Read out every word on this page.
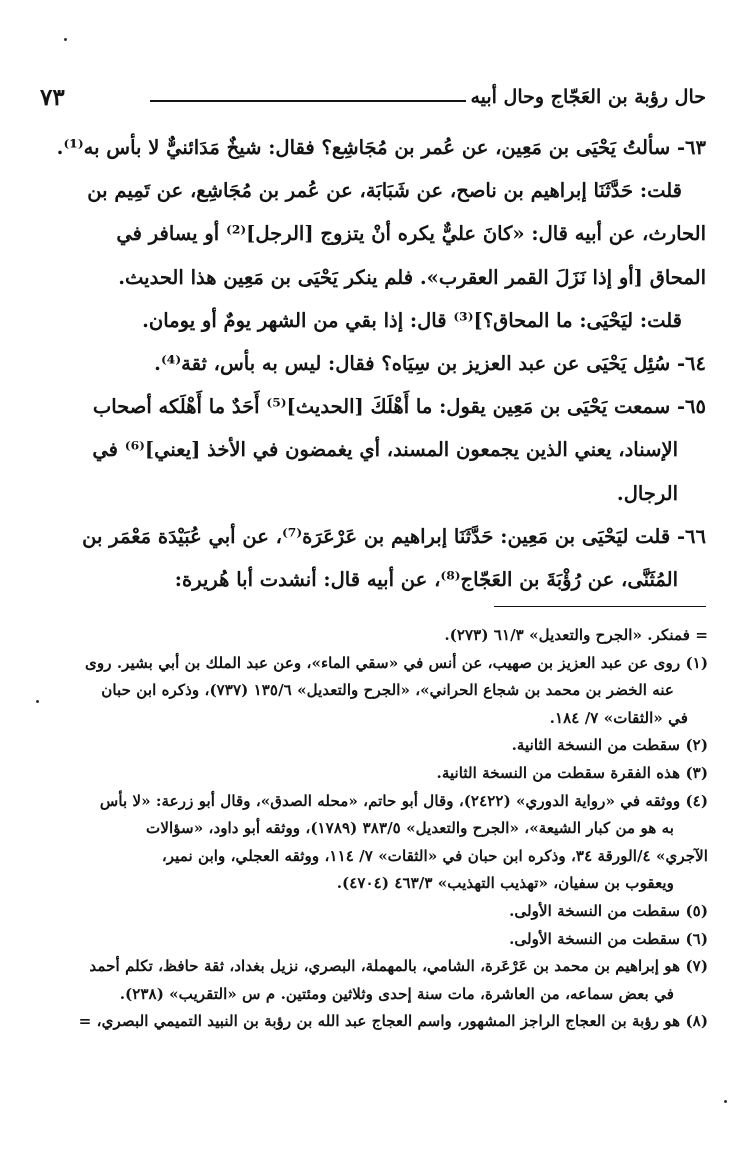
حال رؤبة بن العَجّاج وحال أبيه
٧٣

٦٣- سألتُ يَحْيَى بن مَعِين، عن عُمر بن مُجَاشِع؟ فقال: شيخٌ مَدَائنيٌّ لا بأس به⁽¹⁾.

قلت: حَدَّثَنَا إبراهيم بن ناصح، عن شَبَابَة، عن عُمر بن مُجَاشِع، عن تَمِيم بن

الحارث، عن أبيه قال: «كانَ عليٌّ يكره أنْ يتزوج [الرجل]⁽²⁾ أو يسافر في

المحاق [أو إذا نَزَلَ القمر العقرب». فلم ينكر يَحْيَى بن مَعِين هذا الحديث.

قلت: ليَحْيَى: ما المحاق؟]⁽³⁾ قال: إذا بقي من الشهر يومٌ أو يومان.

٦٤- سُئِل يَحْيَى عن عبد العزيز بن سِيَاه؟ فقال: ليس به بأس، ثقة⁽⁴⁾.

٦٥- سمعت يَحْيَى بن مَعِين يقول: ما أَهْلَكَ [الحديث]⁽⁵⁾ أَحَدٌ ما أَهْلَكه أصحاب

الإسناد، يعني الذين يجمعون المسند، أي يغمضون في الأخذ [يعني]⁽⁶⁾ في

الرجال.

٦٦- قلت ليَحْيَى بن مَعِين: حَدَّثَنَا إبراهيم بن عَرْعَرَة⁽⁷⁾، عن أبي عُبَيْدَة مَعْمَر بن

المُثَنَّى، عن رُؤْبَةَ بن العَجّاج⁽⁸⁾، عن أبيه قال: أنشدت أبا هُريرة:

= فمنكر. «الجرح والتعديل» ٦١/٣ (٢٧٣).

(١) روى عن عبد العزيز بن صهيب، عن أنس في «سقي الماء»، وعن عبد الملك بن أبي بشير. روى

عنه الخضر بن محمد بن شجاع الحراني»، «الجرح والتعديل» ١٣٥/٦ (٧٣٧)، وذكره ابن حبان

في «الثقات» ٧/ ١٨٤.

(٢) سقطت من النسخة الثانية.

(٣) هذه الفقرة سقطت من النسخة الثانية.

(٤) ووثقه في «رواية الدوري» (٢٤٢٢)، وقال أبو حاتم، «محله الصدق»، وقال أبو زرعة: «لا بأس

به هو من كبار الشيعة»، «الجرح والتعديل» ٣٨٣/٥ (١٧٨٩)، ووثقه أبو داود، «سؤالات

الآجري» ٤/الورقة ٣٤، وذكره ابن حبان في «الثقات» ٧/ ١١٤، ووثقه العجلي، وابن نمير،

ويعقوب بن سفيان، «تهذيب التهذيب» ٤٦٣/٣ (٤٧٠٤).

(٥) سقطت من النسخة الأولى.

(٦) سقطت من النسخة الأولى.

(٧) هو إبراهيم بن محمد بن عَرْعَرة، الشامي، بالمهملة، البصري، نزيل بغداد، ثقة حافظ، تكلم أحمد

في بعض سماعه، من العاشرة، مات سنة إحدى وثلاثين ومئتين. م س «التقريب» (٢٣٨).

(٨) هو رؤبة بن العجاج الراجز المشهور، واسم العجاج عبد الله بن رؤبة بن النبيد التميمي البصري، =
